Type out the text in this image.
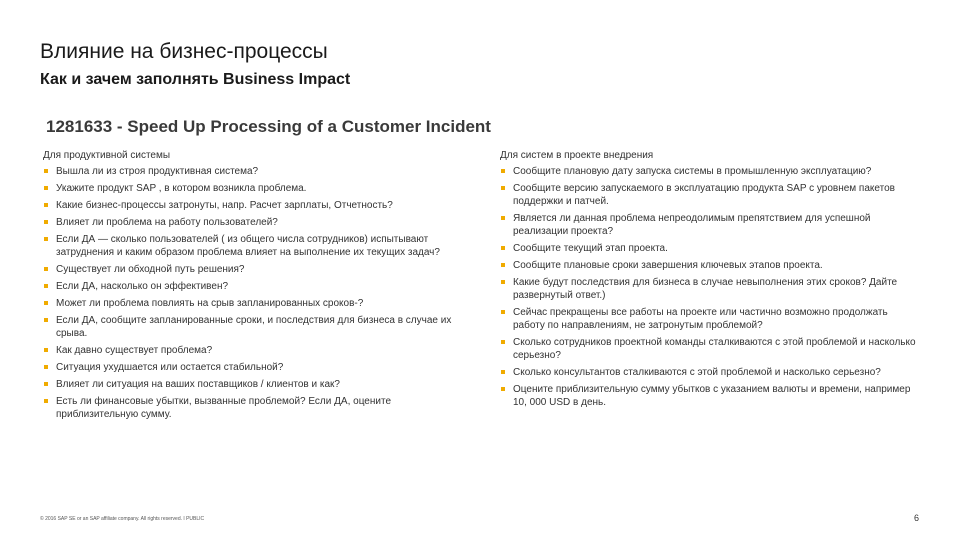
Влияние на бизнес-процессы
Как и зачем заполнять Business Impact
1281633 - Speed Up Processing of a Customer Incident
Для продуктивной системы
Вышла ли из строя продуктивная система?
Укажите продукт SAP , в котором возникла проблема.
Какие бизнес-процессы затронуты, напр. Расчет зарплаты, Отчетность?
Влияет ли проблема на работу пользователей?
Если ДА — сколько пользователей ( из общего числа сотрудников) испытывают затруднения и каким образом проблема влияет на выполнение их текущих задач?
Существует ли обходной путь решения?
Если ДА, насколько он эффективен?
Может ли проблема повлиять на срыв запланированных сроков-?
Если ДА, сообщите запланированные сроки, и последствия для бизнеса в случае их срыва.
Как давно существует проблема?
Ситуация ухудшается или остается стабильной?
Влияет ли ситуация на ваших поставщиков / клиентов и как?
Есть ли финансовые убытки, вызванные проблемой? Если ДА, оцените приблизительную сумму.
Для систем в проекте внедрения
Сообщите плановую дату запуска системы в промышленную эксплуатацию?
Сообщите версию запускаемого в эксплуатацию продукта SAP с уровнем пакетов поддержки и патчей.
Является ли данная проблема непреодолимым препятствием для успешной реализации проекта?
Сообщите текущий этап проекта.
Сообщите плановые сроки завершения ключевых этапов проекта.
Какие будут последствия для бизнеса в случае невыполнения этих сроков? Дайте развернутый ответ.)
Сейчас прекращены все работы на проекте или частично возможно продолжать работу по направлениям, не затронутым проблемой?
Сколько сотрудников проектной команды сталкиваются с этой проблемой и насколько серьезно?
Сколько консультантов сталкиваются с этой проблемой и насколько серьезно?
Оцените приблизительную сумму убытков с указанием валюты и времени, например 10, 000 USD в день.
© 2016 SAP SE or an SAP affiliate company. All rights reserved. ǀ PUBLIC	6
